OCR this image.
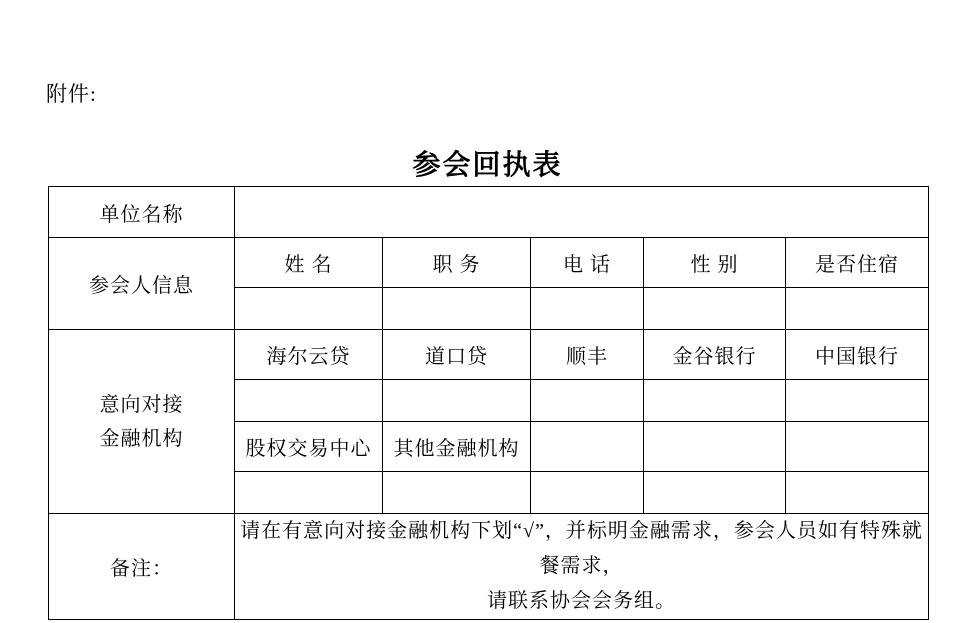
附件:
参会回执表
单位名称					
参会人信息	姓 名	职 务	电 话	性 别	是否住宿

意向对接
金融机构	海尔云贷	道口贷	顺丰	金谷银行	中国银行

	股权交易中心	其他金融机构			

备注：	请在有意向对接金融机构下划“√”，并标明金融需求，参会人员如有特殊就餐需求，
请联系协会会务组。				
